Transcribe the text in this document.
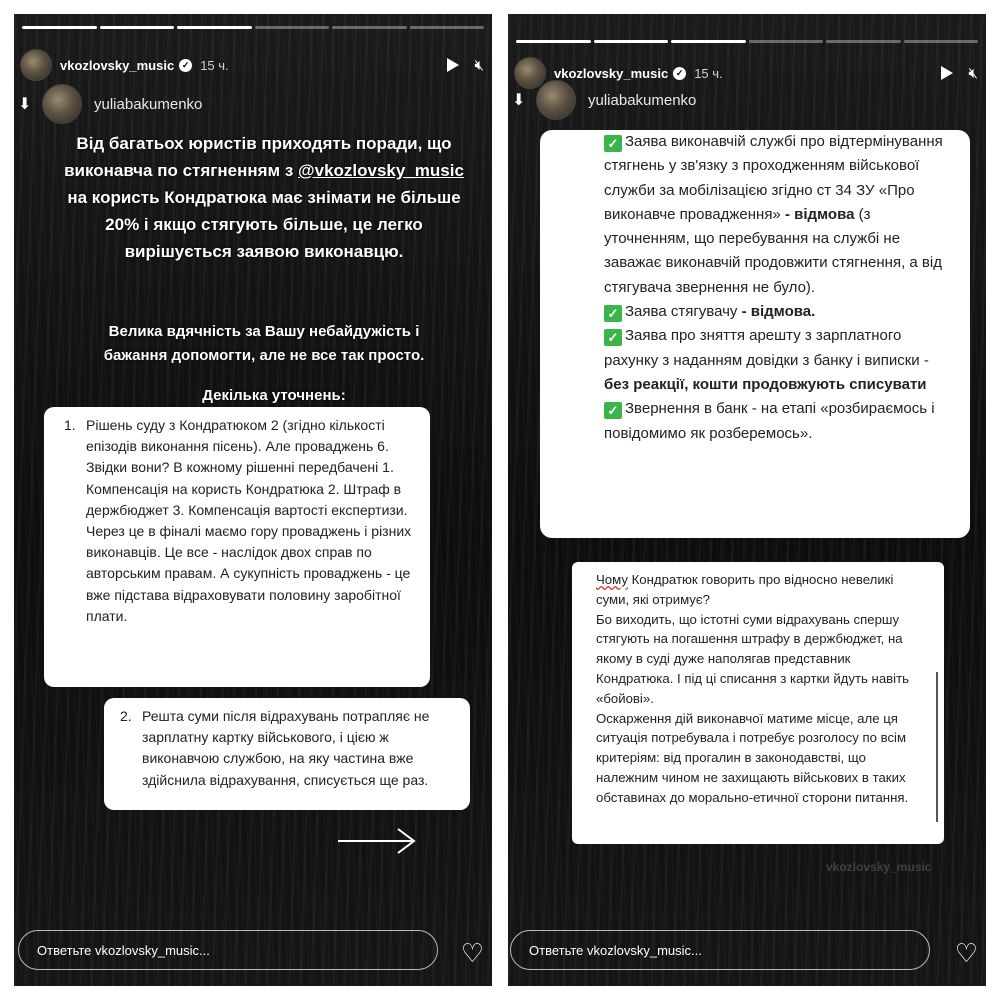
vkozlovsky_music ✓ 15 ч.	🔇︎
⬇	yuliabakumenko
Від багатьох юристів приходять поради, що виконавча по стягненням з @vkozlovsky_music на користь Кондратюка має знімати не більше 20% і якщо стягують більше, це легко вирішується заявою виконавцю.
Велика вдячність за Вашу небайдужість і бажання допомогти, але не все так просто.
Декілька уточнень:
1. Рішень суду з Кондратюком 2 (згідно кількості епізодів виконання пісень). Але проваджень 6. Звідки вони? В кожному рішенні передбачені 1. Компенсація на користь Кондратюка 2. Штраф в держбюджет 3. Компенсація вартості експертизи. Через це в фіналі маємо гору проваджень і різних виконавців. Це все - наслідок двох справ по авторським правам. А сукупність проваджень - це вже підстава відраховувати половину заробітної плати.
2. Решта суми після відрахувань потрапляє не зарплатну картку військового, і цією ж виконавчою службою, на яку частина вже здійснила відрахування, списується ще раз.
Ответьте vkozlovsky_music...	♡
vkozlovsky_music ✓ 15 ч.	🔇︎
⬇	yuliabakumenko
✓ Заява виконавчій службі про відтермінування стягнень у зв'язку з проходженням військової служби за мобілізацією згідно ст 34 ЗУ «Про виконавче провадження» - відмова (з уточненням, що перебування на службі не заважає виконавчій продовжити стягнення, а від стягувача звернення не було).
✓ Заява стягувачу - відмова.
✓ Заява про зняття арешту з зарплатного рахунку з наданням довідки з банку і виписки - без реакції, кошти продовжують списувати
✓ Звернення в банк - на етапі «розбираємось і повідомимо як розберемось».
Чому Кондратюк говорить про відносно невеликі суми, які отримує?
Бо виходить, що істотні суми відрахувань спершу стягують на погашення штрафу в держбюджет, на якому в суді дуже наполягав представник Кондратюка. І під ці списання з картки йдуть навіть «бойові».
Оскарження дій виконавчої матиме місце, але ця ситуація потребувала і потребує розголосу по всім критеріям: від прогалин в законодавстві, що належним чином не захищають військових в таких обставинах до морально-етичної сторони питання.
vkozlovsky_music
Ответьте vkozlovsky_music...	♡
